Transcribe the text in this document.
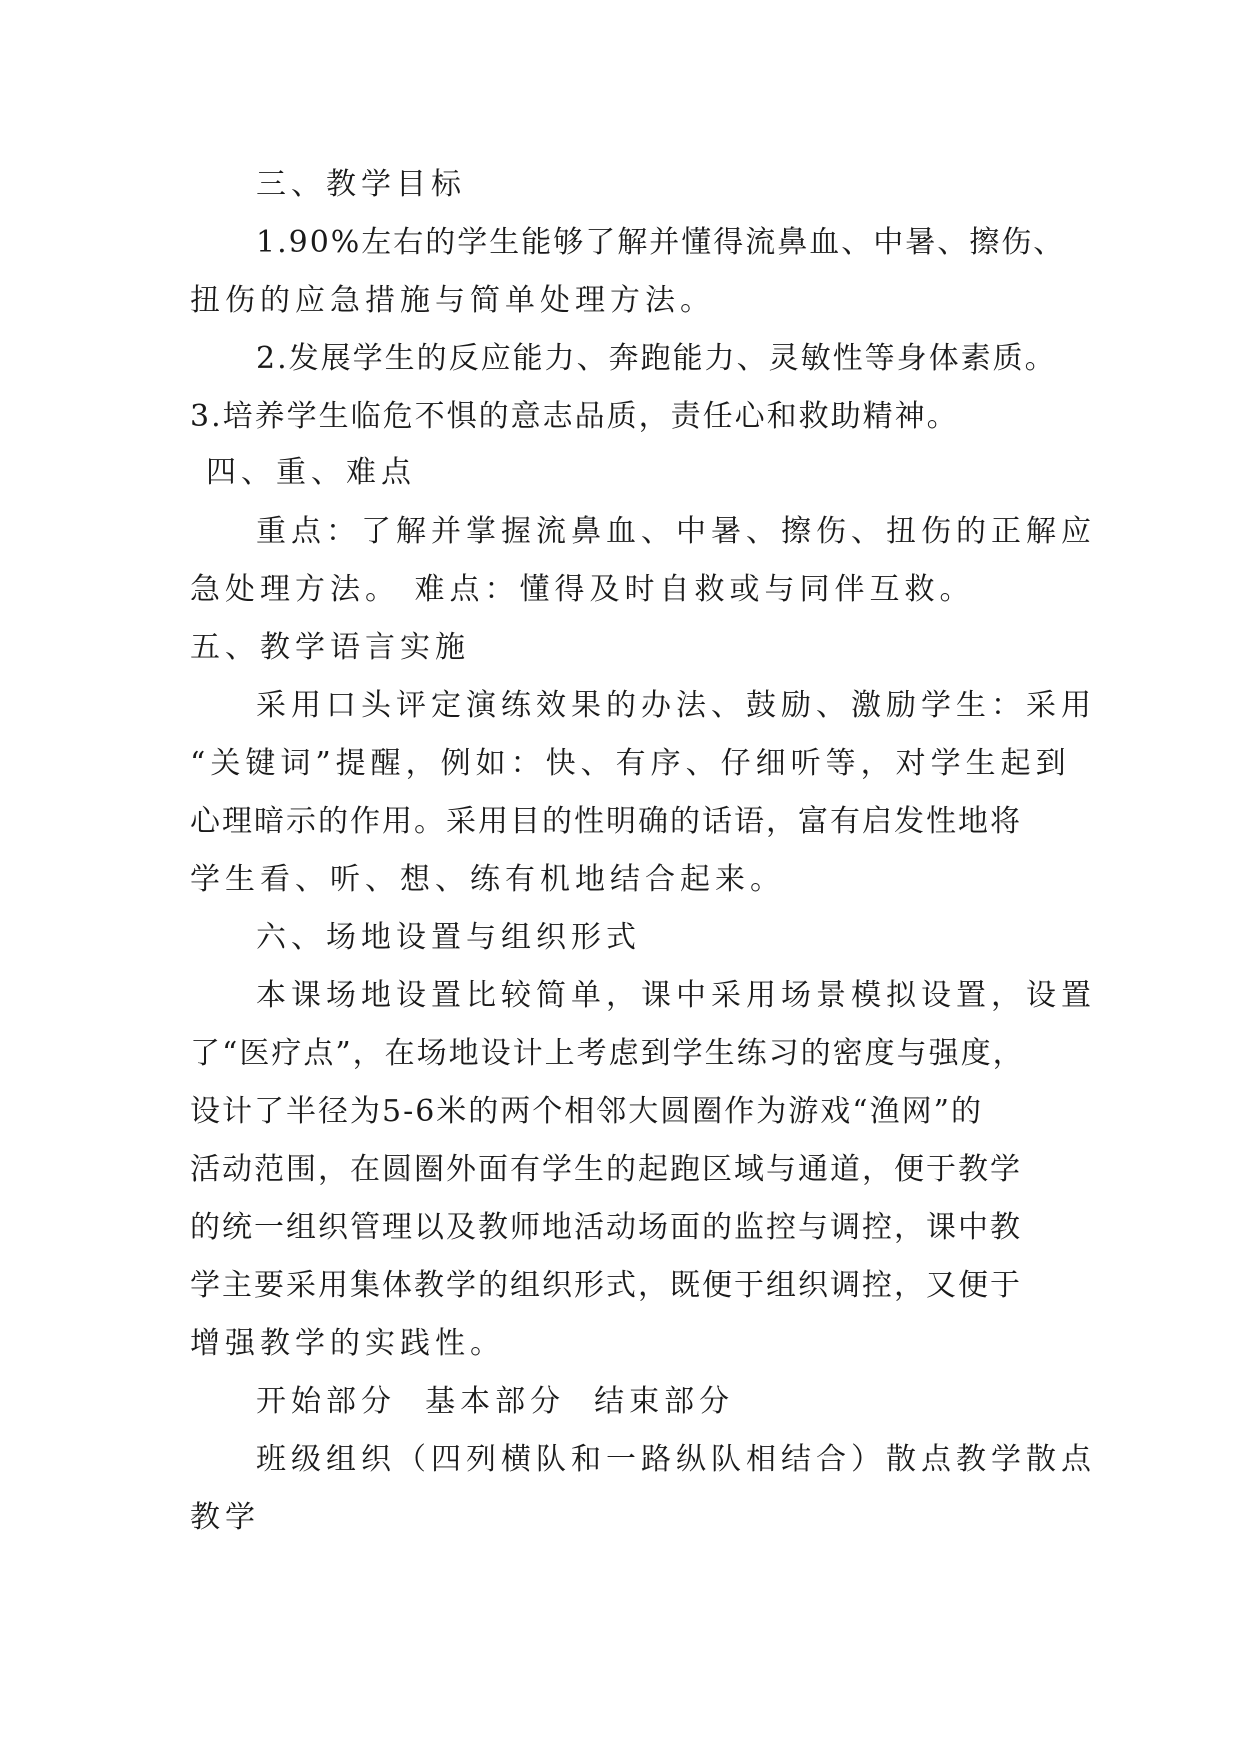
三、教学目标
1.90%左右的学生能够了解并懂得流鼻血、中暑、擦伤、
扭伤的应急措施与简单处理方法。
2.发展学生的反应能力、奔跑能力、灵敏性等身体素质。
3.培养学生临危不惧的意志品质，责任心和救助精神。
四、重、难点
重点：了解并掌握流鼻血、中暑、擦伤、扭伤的正解应
急处理方法。 难点：懂得及时自救或与同伴互救。
五、教学语言实施
采用口头评定演练效果的办法、鼓励、激励学生：采用
“关键词”提醒，例如：快、有序、仔细听等，对学生起到
心理暗示的作用。采用目的性明确的话语，富有启发性地将
学生看、听、想、练有机地结合起来。
六、场地设置与组织形式
本课场地设置比较简单，课中采用场景模拟设置，设置
了“医疗点”，在场地设计上考虑到学生练习的密度与强度，
设计了半径为5-6米的两个相邻大圆圈作为游戏“渔网”的
活动范围，在圆圈外面有学生的起跑区域与通道，便于教学
的统一组织管理以及教师地活动场面的监控与调控，课中教
学主要采用集体教学的组织形式，既便于组织调控，又便于
增强教学的实践性。
开始部分  基本部分  结束部分
班级组织（四列横队和一路纵队相结合）散点教学散点
教学
